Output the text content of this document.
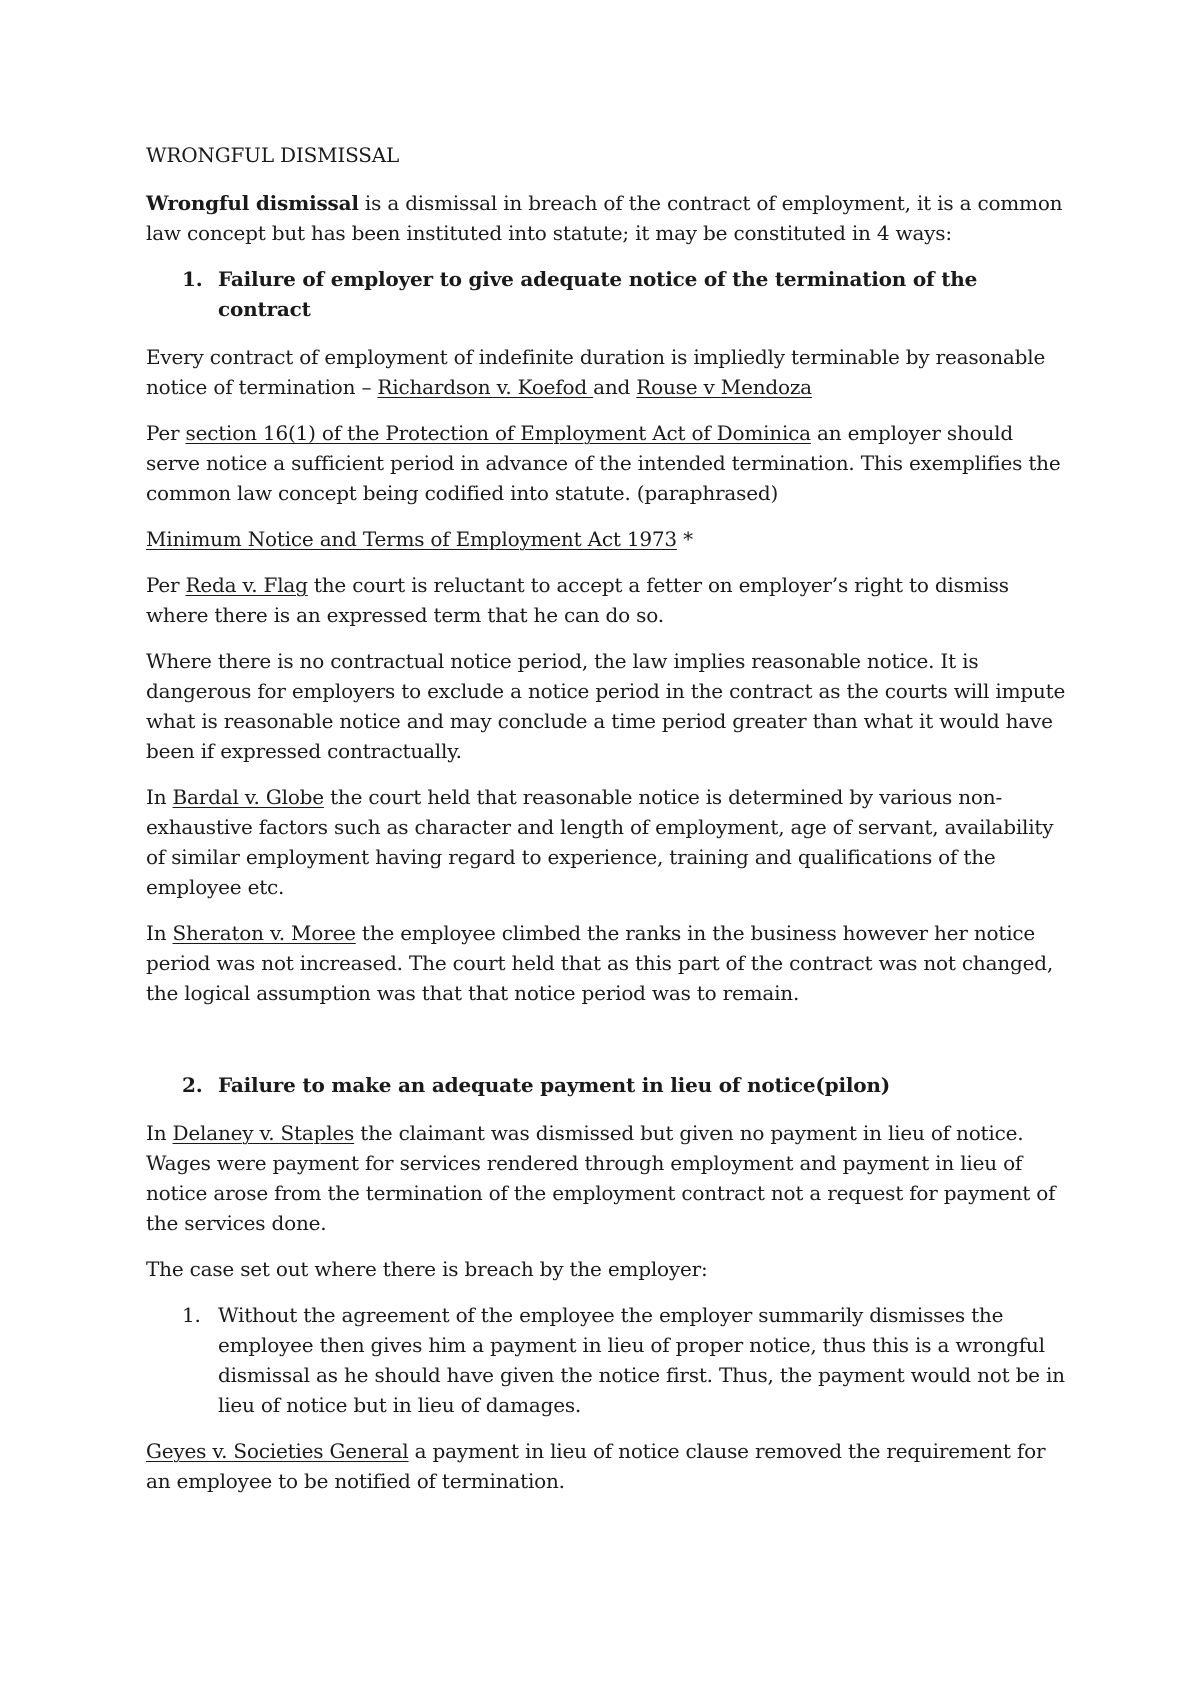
WRONGFUL DISMISSAL

Wrongful dismissal is a dismissal in breach of the contract of employment, it is a common law concept but has been instituted into statute; it may be constituted in 4 ways:

1. Failure of employer to give adequate notice of the termination of the contract

Every contract of employment of indefinite duration is impliedly terminable by reasonable notice of termination – Richardson v. Koefod and Rouse v Mendoza

Per section 16(1) of the Protection of Employment Act of Dominica an employer should serve notice a sufficient period in advance of the intended termination. This exemplifies the common law concept being codified into statute. (paraphrased)

Minimum Notice and Terms of Employment Act 1973 *

Per Reda v. Flag the court is reluctant to accept a fetter on employer’s right to dismiss where there is an expressed term that he can do so.

Where there is no contractual notice period, the law implies reasonable notice. It is dangerous for employers to exclude a notice period in the contract as the courts will impute what is reasonable notice and may conclude a time period greater than what it would have been if expressed contractually.

In Bardal v. Globe the court held that reasonable notice is determined by various non-exhaustive factors such as character and length of employment, age of servant, availability of similar employment having regard to experience, training and qualifications of the employee etc.

In Sheraton v. Moree the employee climbed the ranks in the business however her notice period was not increased. The court held that as this part of the contract was not changed, the logical assumption was that that notice period was to remain.

2. Failure to make an adequate payment in lieu of notice(pilon)

In Delaney v. Staples the claimant was dismissed but given no payment in lieu of notice. Wages were payment for services rendered through employment and payment in lieu of notice arose from the termination of the employment contract not a request for payment of the services done.

The case set out where there is breach by the employer:

1. Without the agreement of the employee the employer summarily dismisses the employee then gives him a payment in lieu of proper notice, thus this is a wrongful dismissal as he should have given the notice first. Thus, the payment would not be in lieu of notice but in lieu of damages.

Geyes v. Societies General a payment in lieu of notice clause removed the requirement for an employee to be notified of termination.
